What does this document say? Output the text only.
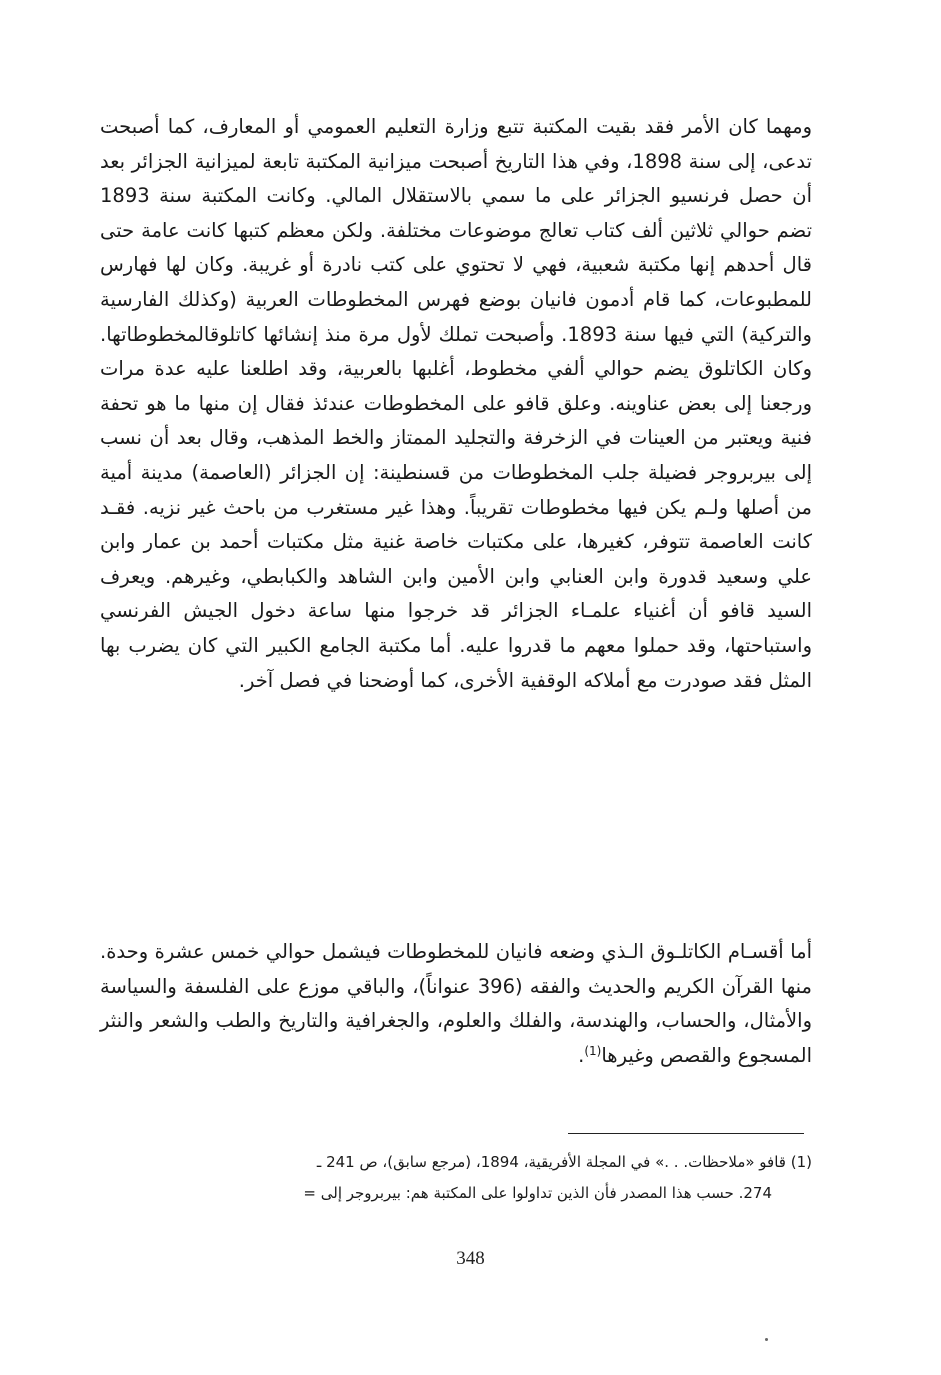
ومهما كان الأمر فقد بقيت المكتبة تتبع وزارة التعليم العمومي أو المعارف، كما أصبحت تدعى، إلى سنة 1898، وفي هذا التاريخ أصبحت ميزانية المكتبة تابعة لميزانية الجزائر بعد أن حصل فرنسيو الجزائر على ما سمي بالاستقلال المالي. وكانت المكتبة سنة 1893 تضم حوالي ثلاثين ألف كتاب تعالج موضوعات مختلفة. ولكن معظم كتبها كانت عامة حتى قال أحدهم إنها مكتبة شعبية، فهي لا تحتوي على كتب نادرة أو غريبة. وكان لها فهارس للمطبوعات، كما قام أدمون فانيان بوضع فهرس المخطوطات العربية (وكذلك الفارسية والتركية) التي فيها سنة 1893. وأصبحت تملك لأول مرة منذ إنشائها كاتلوقالمخطوطاتها. وكان الكاتلوق يضم حوالي ألفي مخطوط، أغلبها بالعربية، وقد اطلعنا عليه عدة مرات ورجعنا إلى بعض عناوينه. وعلق قافو على المخطوطات عندئذ فقال إن منها ما هو تحفة فنية ويعتبر من العينات في الزخرفة والتجليد الممتاز والخط المذهب، وقال بعد أن نسب إلى بيربروجر فضيلة جلب المخطوطات من قسنطينة: إن الجزائر (العاصمة) مدينة أمية من أصلها ولـم يكن فيها مخطوطات تقريباً. وهذا غير مستغرب من باحث غير نزيه. فقـد كانت العاصمة تتوفر، كغيرها، على مكتبات خاصة غنية مثل مكتبات أحمد بن عمار وابن علي وسعيد قدورة وابن العنابي وابن الأمين وابن الشاهد والكبابطي، وغيرهم. ويعرف السيد قافو أن أغنياء علمـاء الجزائر قد خرجوا منها ساعة دخول الجيش الفرنسي واستباحتها، وقد حملوا معهم ما قدروا عليه. أما مكتبة الجامع الكبير التي كان يضرب بها المثل فقد صودرت مع أملاكه الوقفية الأخرى، كما أوضحنا في فصل آخر.

أما أقسـام الكاتلـوق الـذي وضعه فانيان للمخطوطات فيشمل حوالي خمس عشرة وحدة. منها القرآن الكريم والحديث والفقه (396 عنواناً)، والباقي موزع على الفلسفة والسياسة والأمثال، والحساب، والهندسة، والفلك والعلوم، والجغرافية والتاريخ والطب والشعر والنثر المسجوع والقصص وغيرها$^{(1)}$.

(1) قافو «ملاحظات. . .» في المجلة الأفريقية، 1894، (مرجع سابق)، ص 241 ـ
274. حسب هذا المصدر فأن الذين تداولوا على المكتبة هم: بيربروجر إلى =

348
